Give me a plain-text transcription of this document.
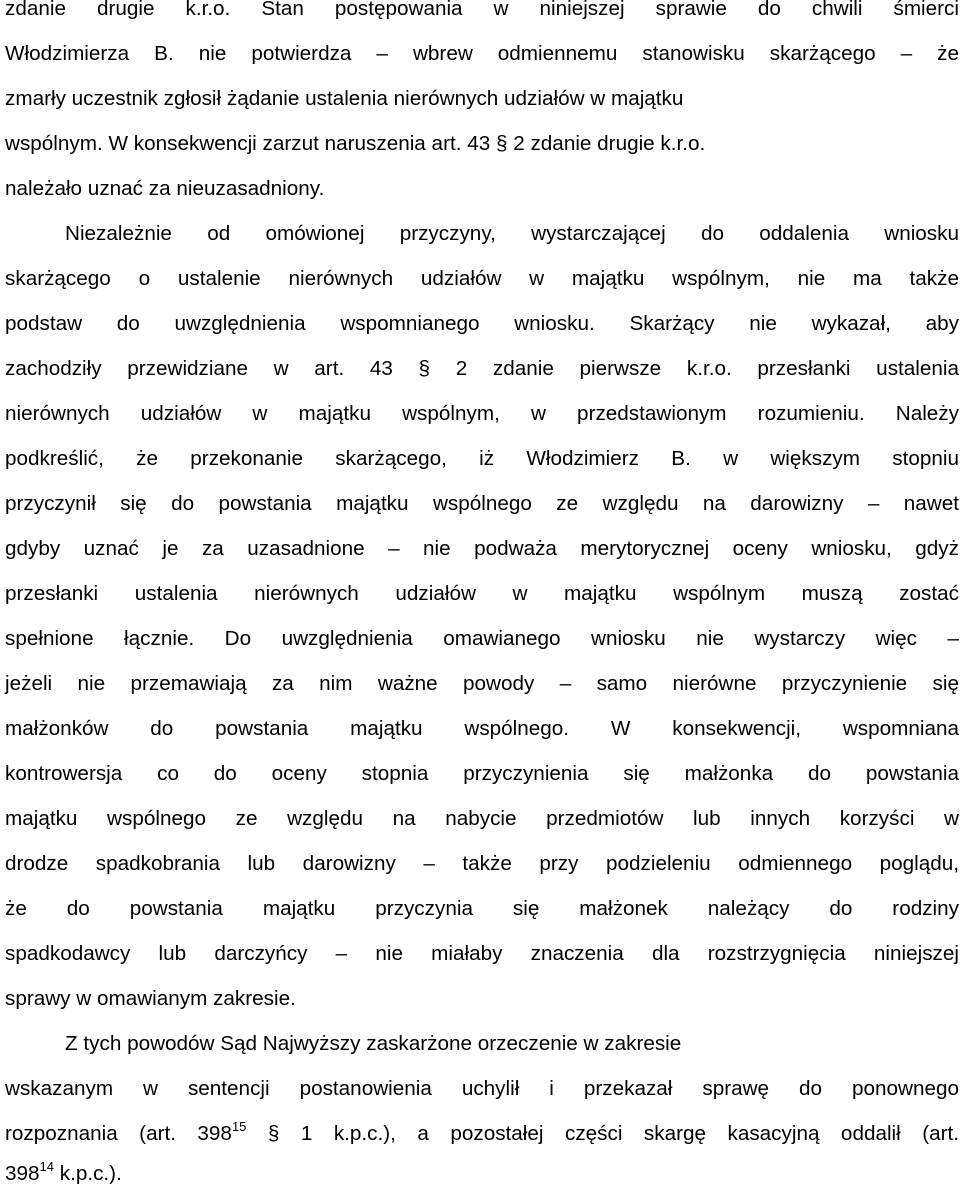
zdanie drugie k.r.o. Stan postępowania w niniejszej sprawie do chwili śmierci

Włodzimierza B. nie potwierdza – wbrew odmiennemu stanowisku skarżącego – że

zmarły uczestnik zgłosił żądanie ustalenia nierównych udziałów w majątku

wspólnym. W konsekwencji zarzut naruszenia art. 43 § 2 zdanie drugie k.r.o.

należało uznać za nieuzasadniony.

Niezależnie od omówionej przyczyny, wystarczającej do oddalenia wniosku

skarżącego o ustalenie nierównych udziałów w majątku wspólnym, nie ma także

podstaw do uwzględnienia wspomnianego wniosku. Skarżący nie wykazał, aby

zachodziły przewidziane w art. 43 § 2 zdanie pierwsze k.r.o. przesłanki ustalenia

nierównych udziałów w majątku wspólnym, w przedstawionym rozumieniu. Należy

podkreślić, że przekonanie skarżącego, iż Włodzimierz B. w większym stopniu

przyczynił się do powstania majątku wspólnego ze względu na darowizny – nawet

gdyby uznać je za uzasadnione – nie podważa merytorycznej oceny wniosku, gdyż

przesłanki ustalenia nierównych udziałów w majątku wspólnym muszą zostać

spełnione łącznie. Do uwzględnienia omawianego wniosku nie wystarczy więc –

jeżeli nie przemawiają za nim ważne powody – samo nierówne przyczynienie się

małżonków do powstania majątku wspólnego. W konsekwencji, wspomniana

kontrowersja co do oceny stopnia przyczynienia się małżonka do powstania

majątku wspólnego ze względu na nabycie przedmiotów lub innych korzyści w

drodze spadkobrania lub darowizny – także przy podzieleniu odmiennego poglądu,

że do powstania majątku przyczynia się małżonek należący do rodziny

spadkodawcy lub darczyńcy – nie miałaby znaczenia dla rozstrzygnięcia niniejszej

sprawy w omawianym zakresie.

Z tych powodów Sąd Najwyższy zaskarżone orzeczenie w zakresie

wskazanym w sentencji postanowienia uchylił i przekazał sprawę do ponownego

rozpoznania (art. $398^{15}$ § 1 k.p.c.), a pozostałej części skargę kasacyjną oddalił (art.

$398^{14}$ k.p.c.).
